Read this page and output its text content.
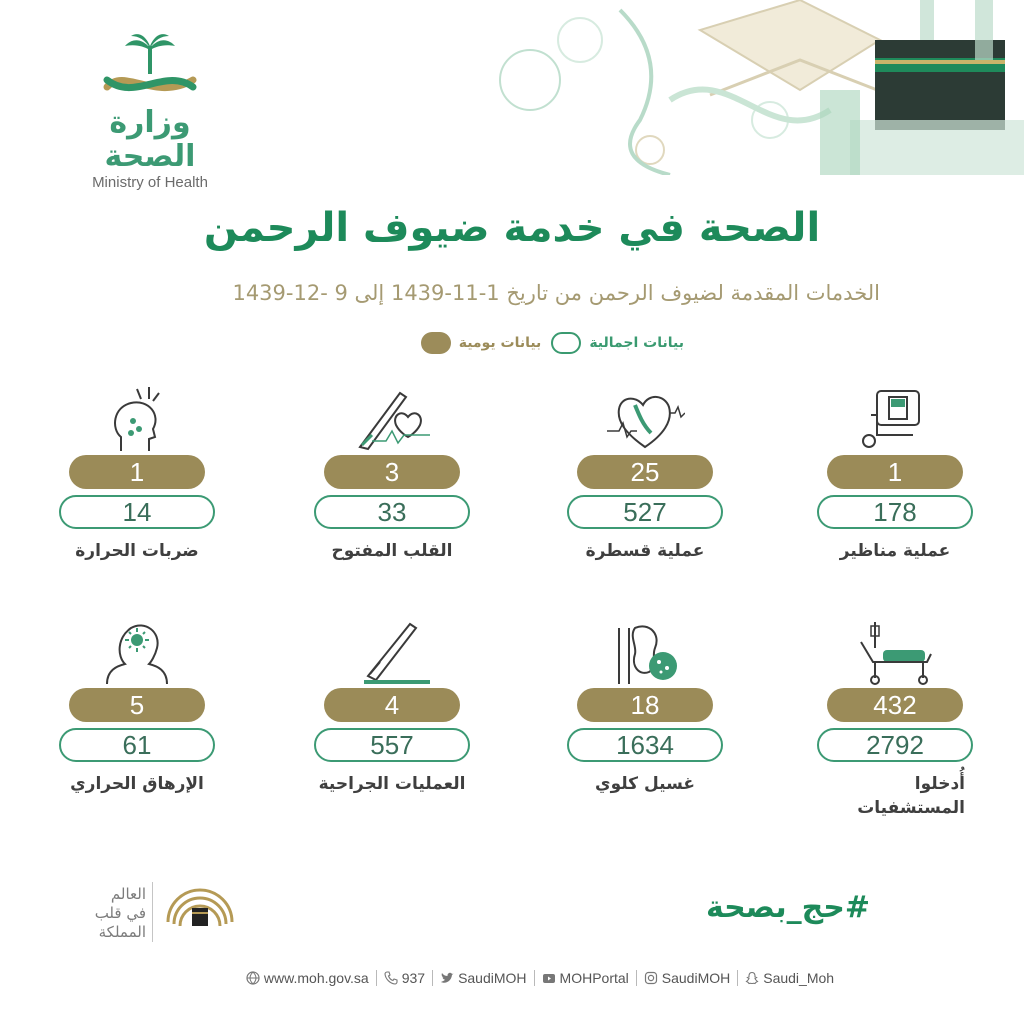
وزارة الصحة
Ministry of Health
الصحة في خدمة ضيوف الرحمن
الخدمات المقدمة لضيوف الرحمن من تاريخ 1-11-1439 إلى 9 -12-1439
بيانات يومية	بيانات اجمالية
1
178
عملية مناظير
25
527
عملية قسطرة
3
33
القلب المفتوح
1
14
ضربات الحرارة
432
2792
أُدخلوا المستشفيات
18
1634
غسيل كلوي
4
557
العمليات الجراحية
5
61
الإرهاق الحراري
#حج_بصحة
العالم
في قلب
المملكة
www.moh.gov.sa 937 SaudiMOH MOHPortal SaudiMOH Saudi_Moh
